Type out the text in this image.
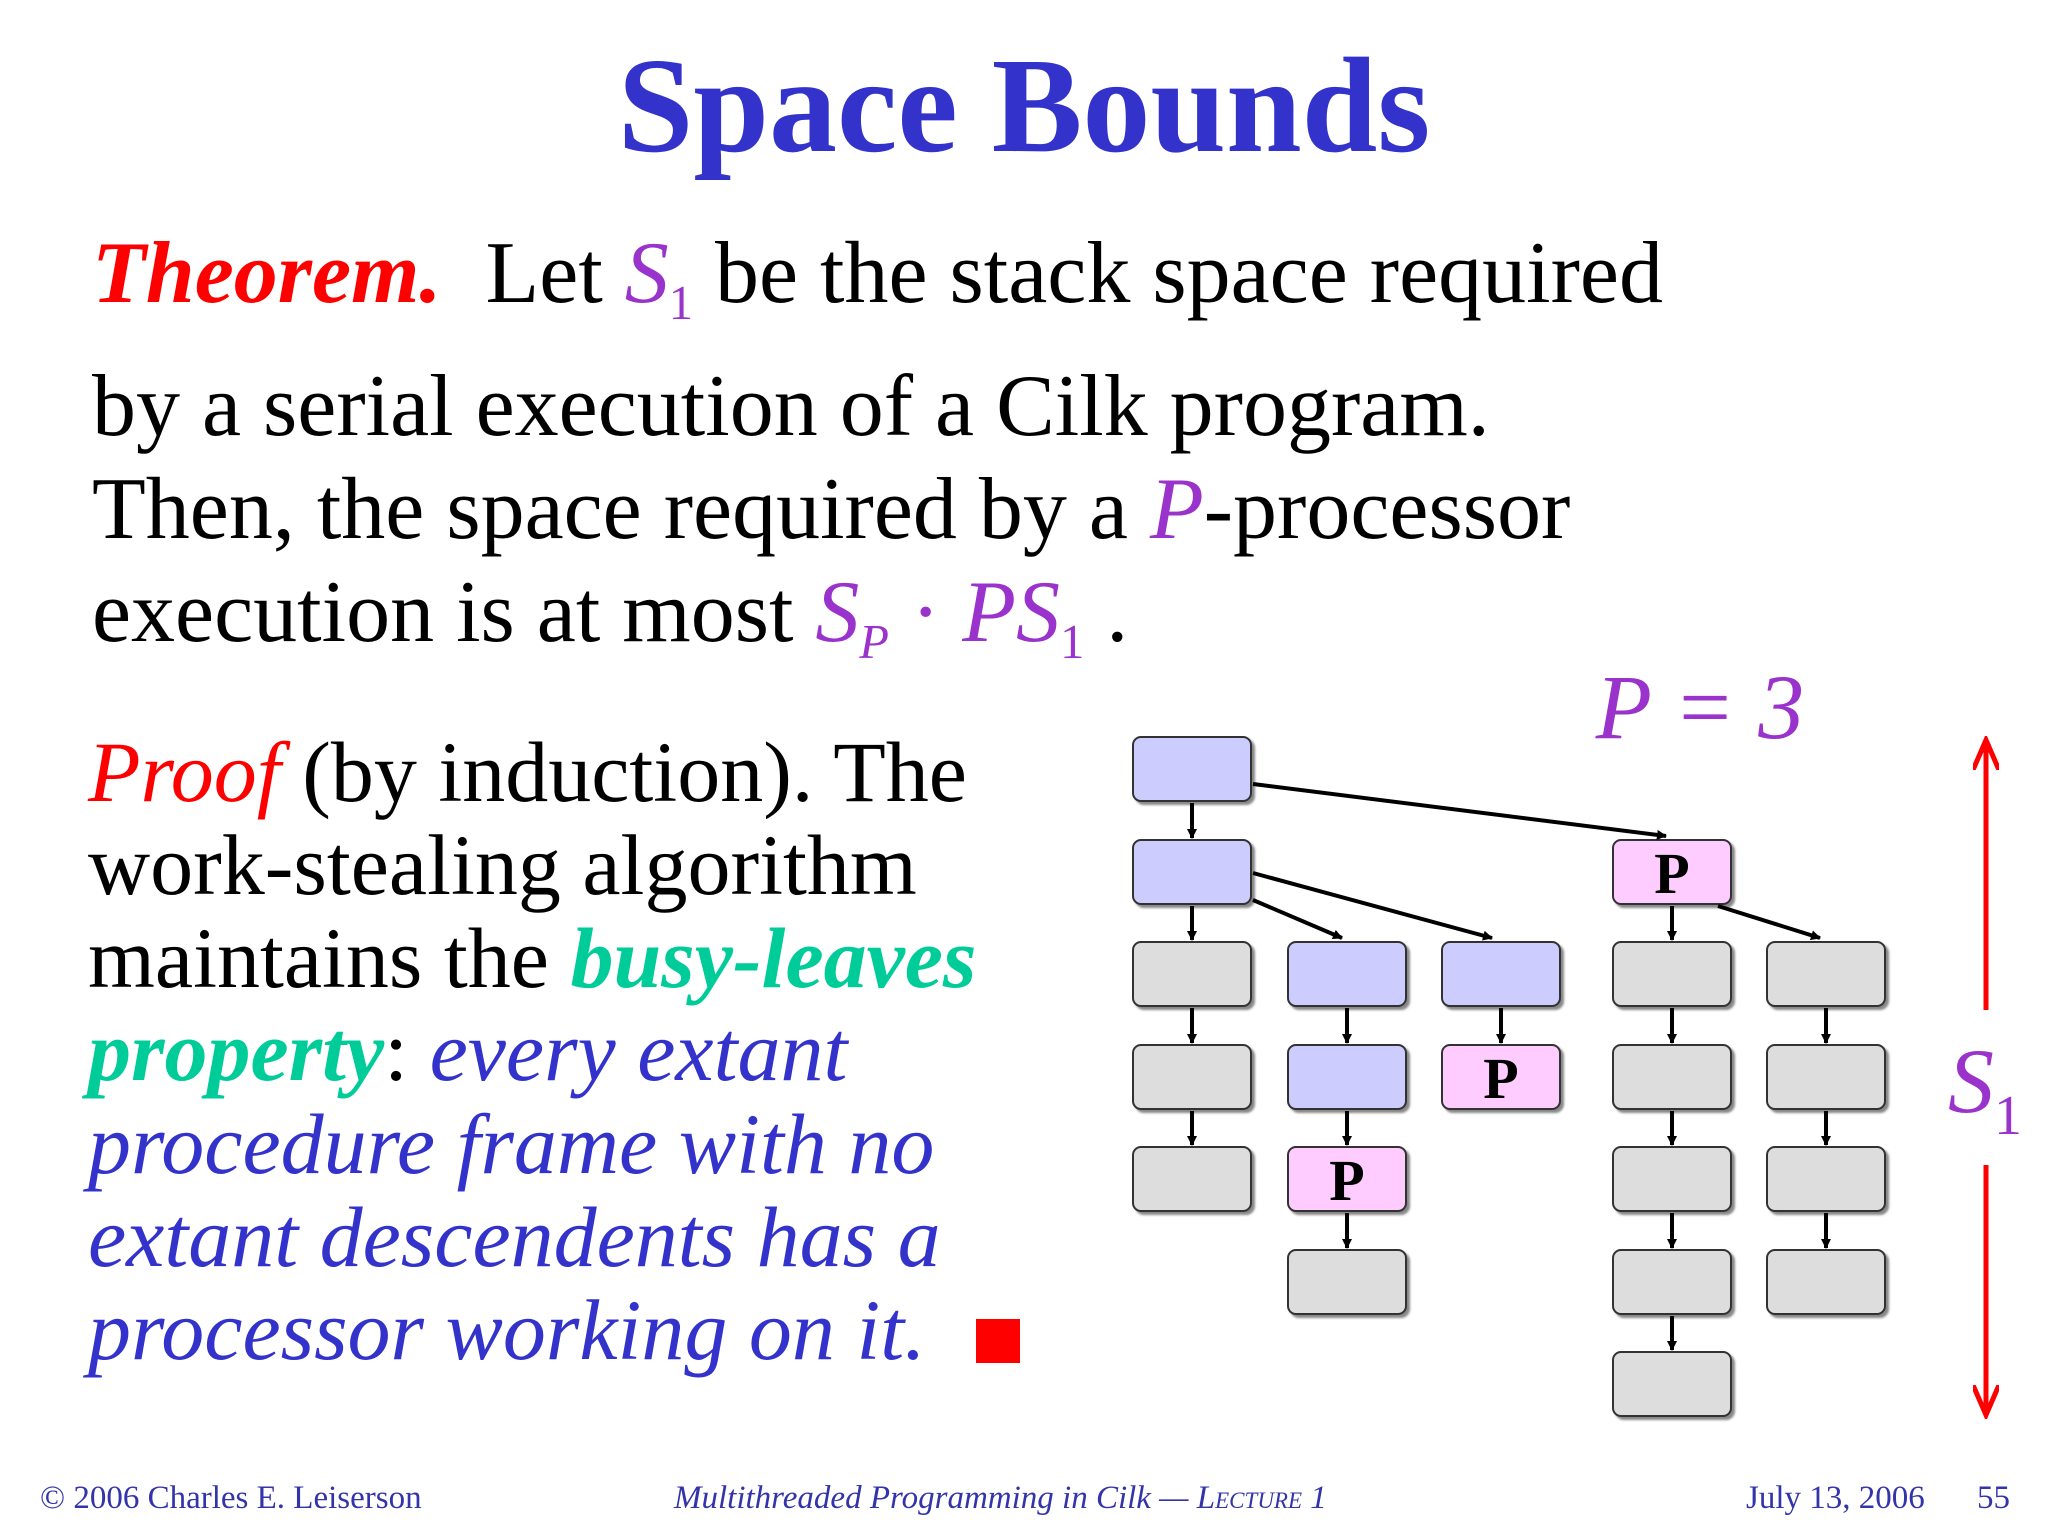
Space Bounds
Theorem. Let $S_1$ be the stack space required
by a serial execution of a Cilk program.
Then, the space required by a P-processor
execution is at most $S_P \cdot PS_1$ .
Proof (by induction). The
work-stealing algorithm
maintains the busy-leaves
property: every extant
procedure frame with no
extant descendents has a
processor working on it.
P = 3
$S_1$
P
P
P
© 2006 Charles E. Leiserson	Multithreaded Programming in Cilk — Lecture 1	July 13, 2006 55
